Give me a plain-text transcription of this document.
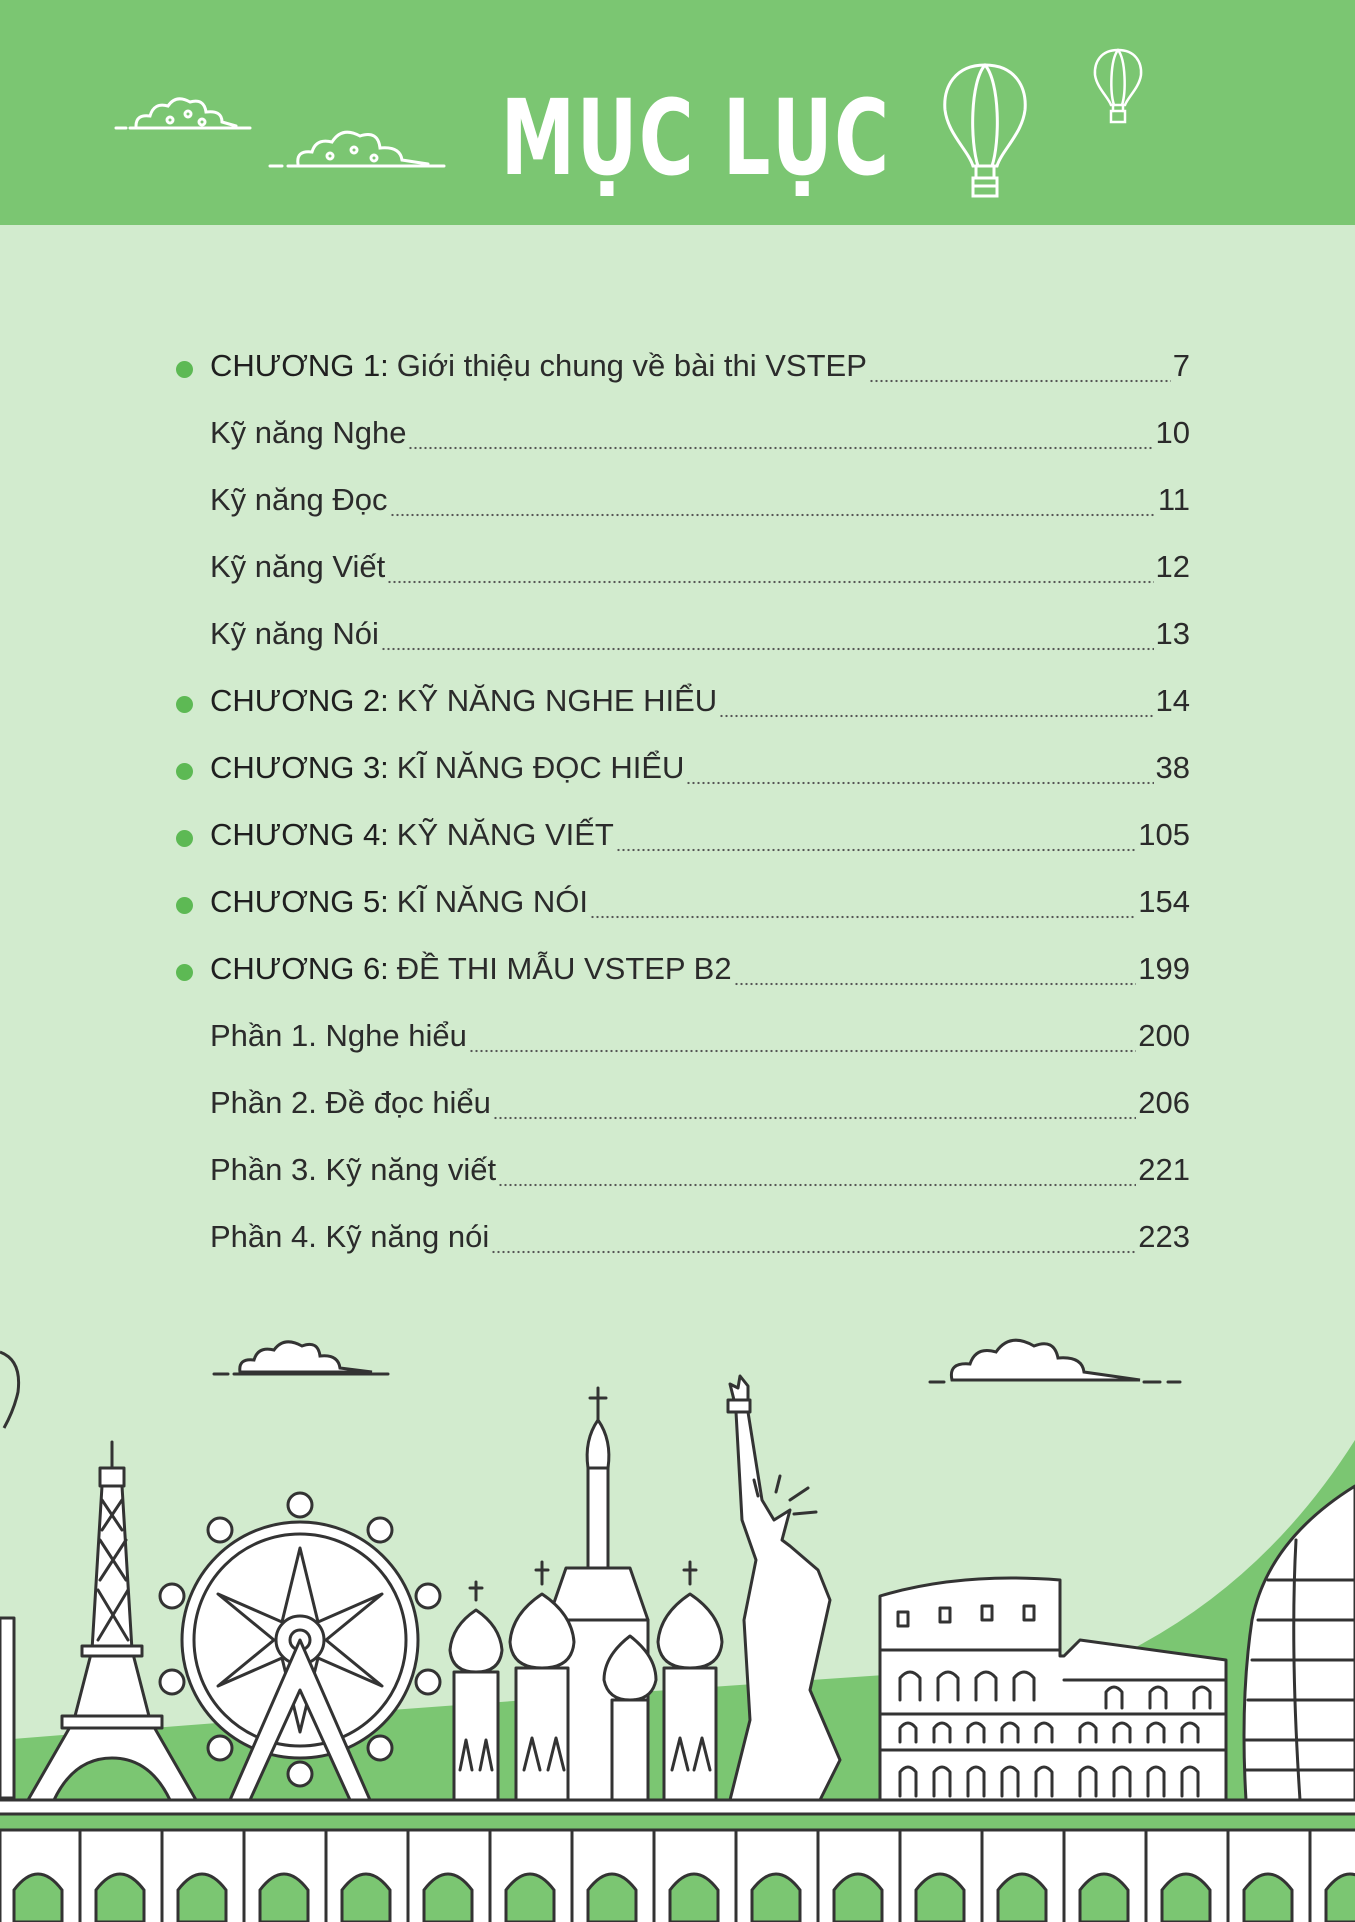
MỤC LỤC
CHƯƠNG 1: Giới thiệu chung về bài thi VSTEP	7
Kỹ năng Nghe	10
Kỹ năng Đọc	11
Kỹ năng Viết	12
Kỹ năng Nói	13
CHƯƠNG 2: KỸ NĂNG NGHE HIỂU	14
CHƯƠNG 3: KĨ NĂNG ĐỌC HIỂU	38
CHƯƠNG 4: KỸ NĂNG VIẾT	105
CHƯƠNG 5: KĨ NĂNG NÓI	154
CHƯƠNG 6: ĐỀ THI MẪU VSTEP B2	199
Phần 1. Nghe hiểu	200
Phần 2. Đề đọc hiểu	206
Phần 3. Kỹ năng viết	221
Phần 4. Kỹ năng nói	223
